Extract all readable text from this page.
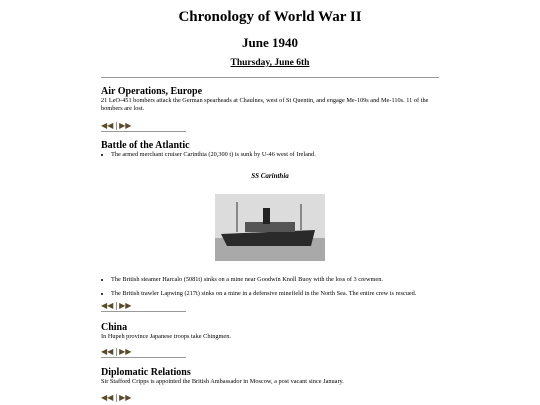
Chronology of World War II
June 1940
Thursday, June 6th
Air Operations, Europe

21 LeO-451 bombers attack the German spearheads at Chaulnes, west of St Quentin, and engage Me-109s and Me-110s. 11 of the bombers are lost.

◀◀ | ▶▶
Battle of the Atlantic
• The armed merchant cruiser Carinthia (20,300 t) is sunk by U-46 west of Ireland.
SS Carinthia
• The British steamer Harcalo (5081t) sinks on a mine near Goodwin Knoll Buoy with the loss of 3 crewmen.
• The British trawler Lapwing (217t) sinks on a mine in a defensive minefield in the North Sea. The entire crew is rescued.
◀◀ | ▶▶
China

In Hupeh province Japanese troops take Chingmen.

◀◀ | ▶▶
Diplomatic Relations

Sir Stafford Cripps is appointed the British Ambassador in Moscow, a post vacant since January.

◀◀ | ▶▶
